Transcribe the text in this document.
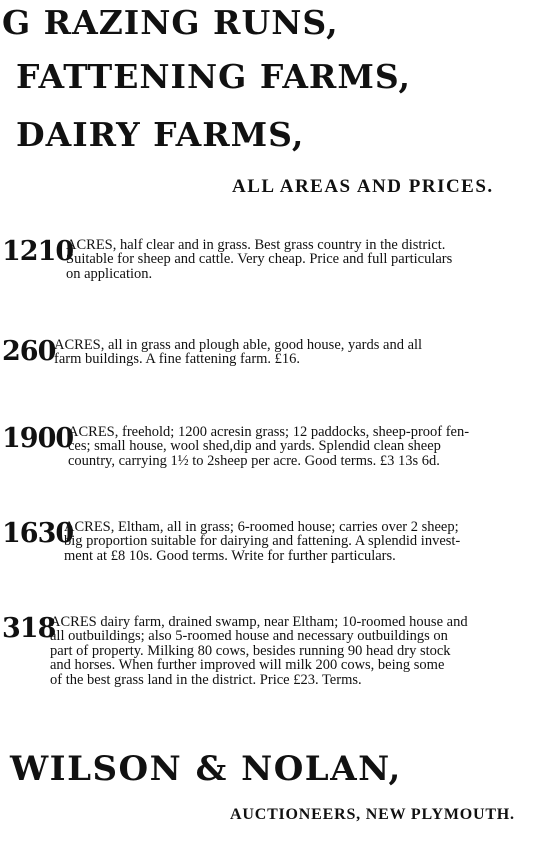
G RAZING RUNS,
FATTENING FARMS,
DAIRY FARMS,
ALL AREAS AND PRICES.
1210
ACRES, half clear and in grass. Best grass country in the district.
Suitable for sheep and cattle. Very cheap. Price and full particulars
on application.
260
ACRES, all in grass and plough able, good house, yards and all
farm buildings. A fine fattening farm. £16.
1900
ACRES, freehold; 1200 acresin grass; 12 paddocks, sheep-proof fen-
ces; small house, wool shed,dip and yards. Splendid clean sheep
country, carrying 1½ to 2sheep per acre. Good terms. £3 13s 6d.
1630
ACRES, Eltham, all in grass; 6-roomed house; carries over 2 sheep;
big proportion suitable for dairying and fattening. A splendid invest-
ment at £8 10s. Good terms. Write for further particulars.
318
ACRES dairy farm, drained swamp, near Eltham; 10-roomed house and
all outbuildings; also 5-roomed house and necessary outbuildings on
part of property. Milking 80 cows, besides running 90 head dry stock
and horses. When further improved will milk 200 cows, being some
of the best grass land in the district. Price £23. Terms.
WILSON & NOLAN,
AUCTIONEERS, NEW PLYMOUTH.
